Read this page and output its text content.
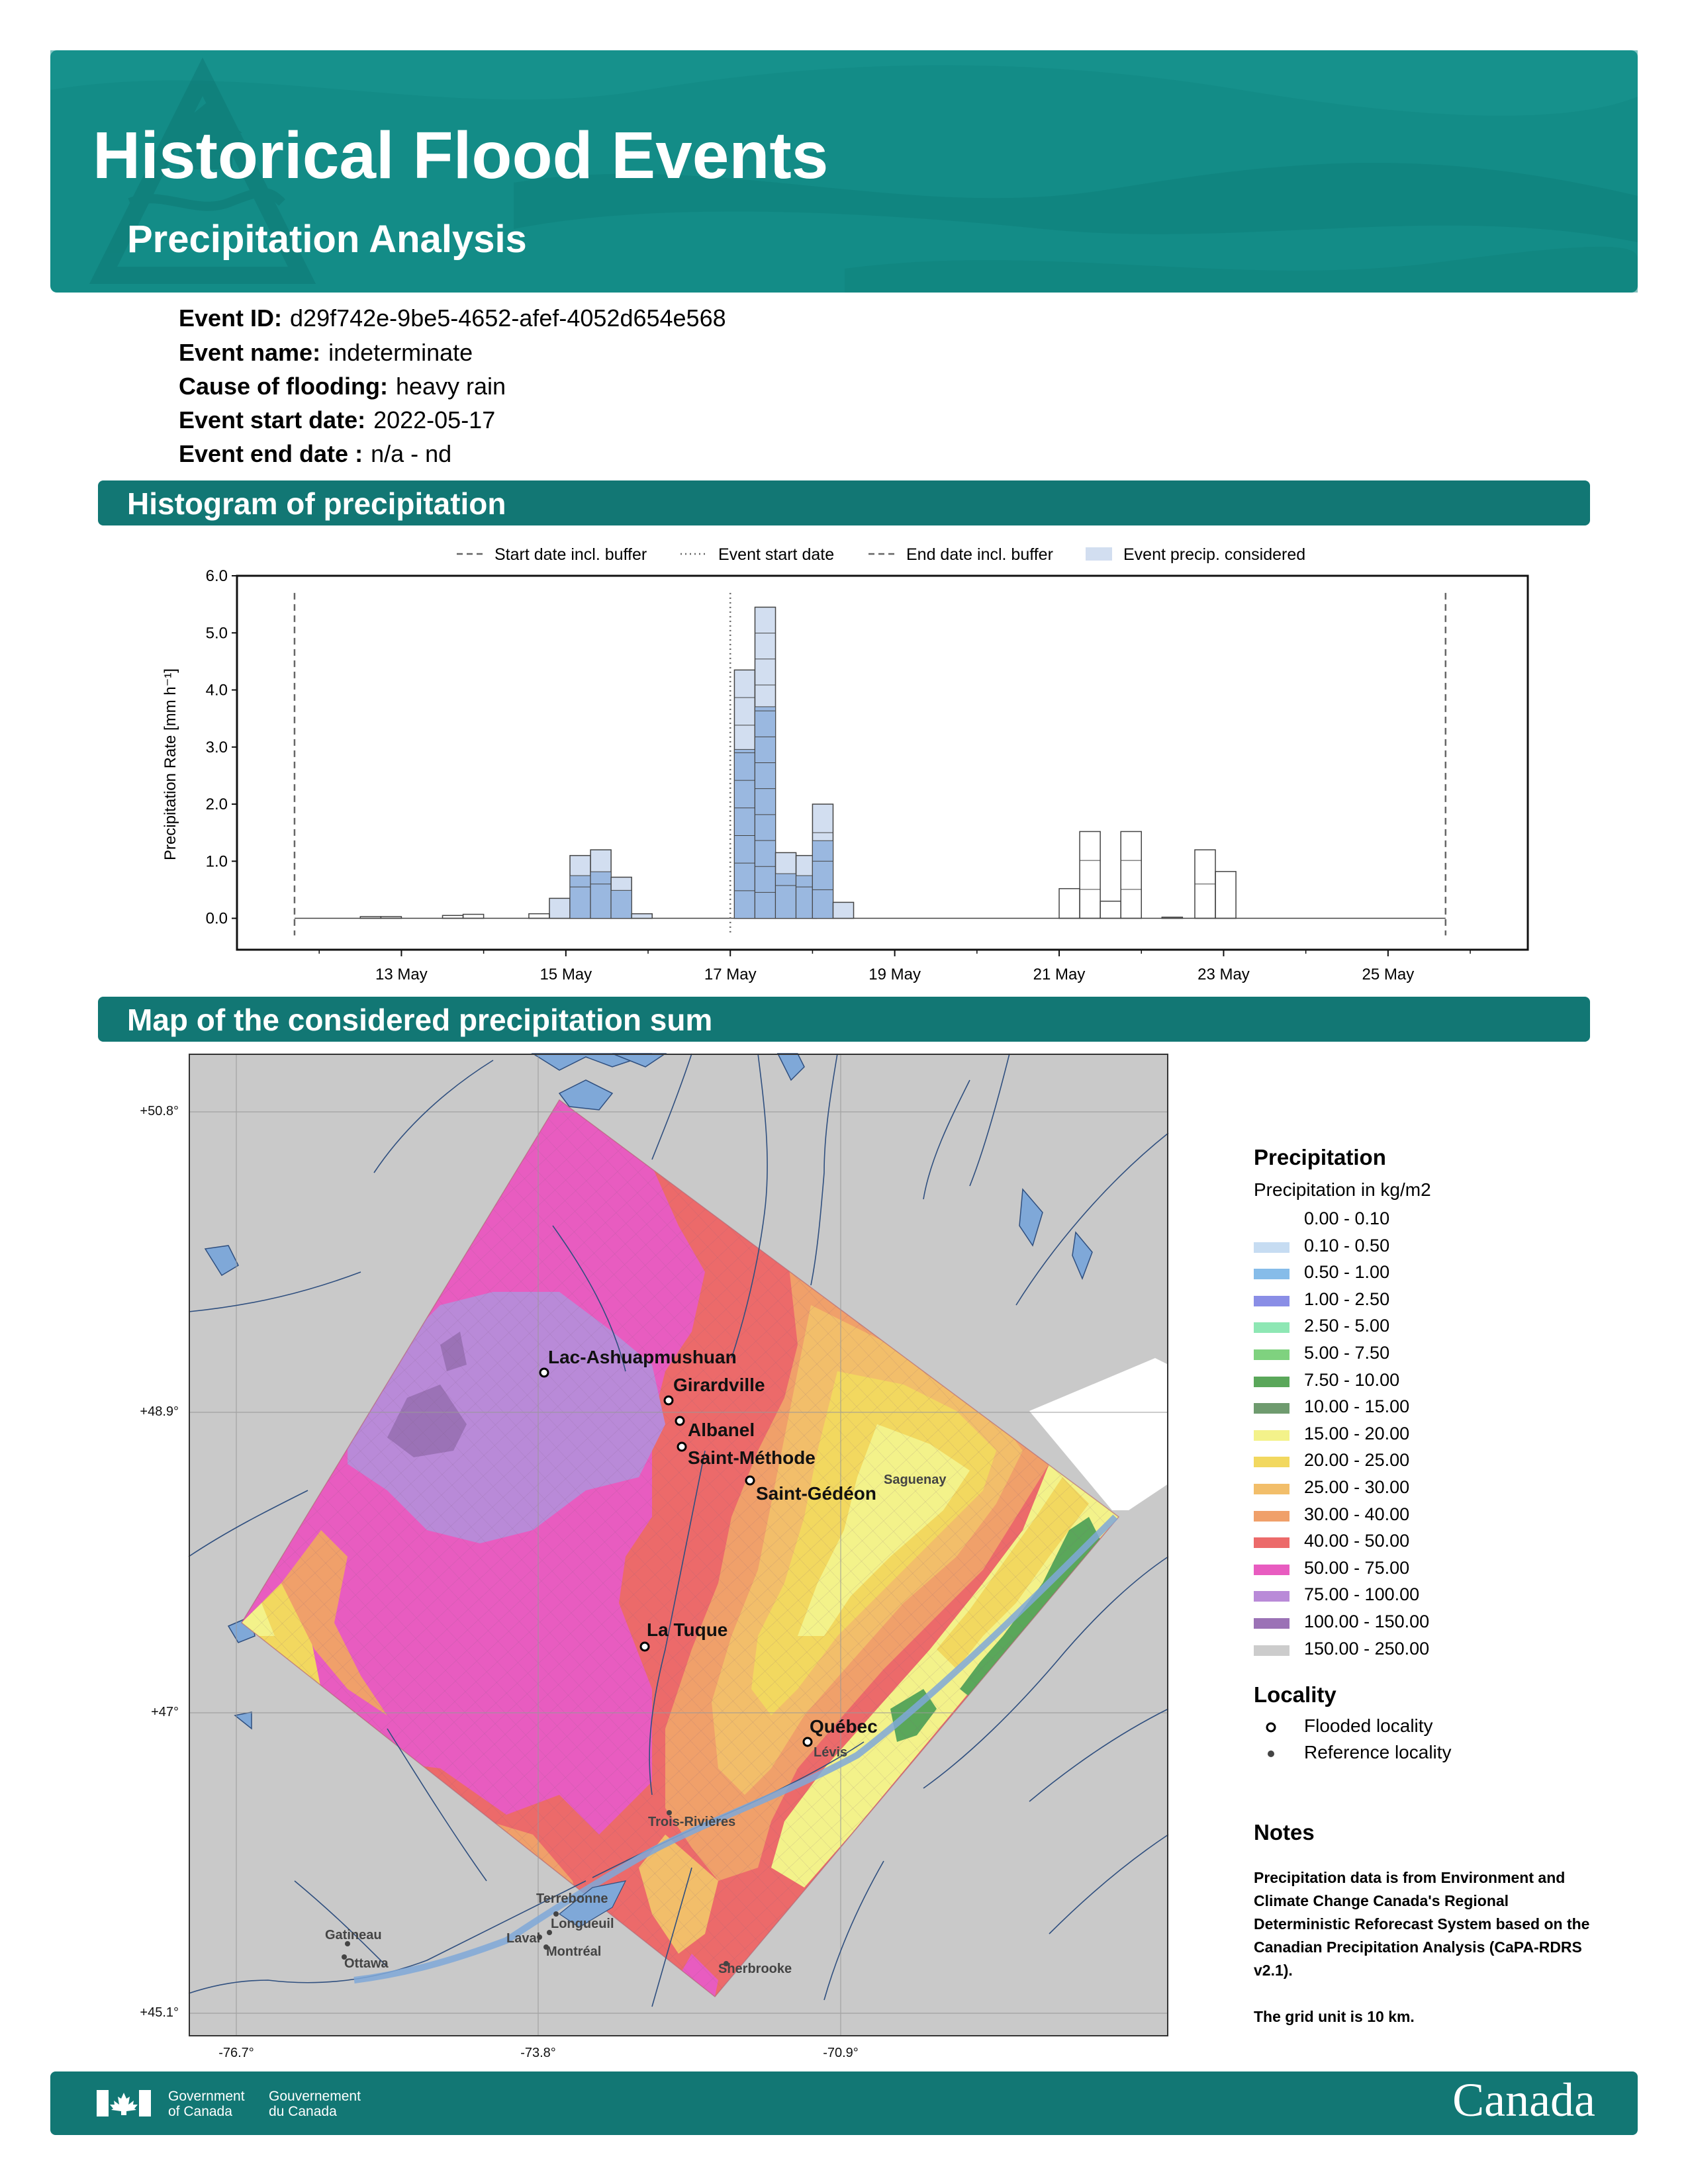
Historical Flood Events
Precipitation Analysis
Event ID: d29f742e-9be5-4652-afef-4052d654e568
Event name: indeterminate
Cause of flooding: heavy rain
Event start date: 2022-05-17
Event end date : n/a - nd
Histogram of precipitation
Start date incl. buffer	Event start date	End date incl. buffer	Event precip. considered
0.0
1.0
2.0
3.0
4.0
5.0
6.0
13 May	15 May	17 May	19 May	21 May	23 May	25 May
Precipitation Rate [mm h⁻¹]
Map of the considered precipitation sum
Lac-Ashuapmushuan
Girardville
Albanel
Saint-Méthode
Saint-Gédéon
La Tuque
Québec
Saguenay
Lévis
Trois-Rivières
Terrebonne
Longueuil
Laval
Montréal
Gatineau
Ottawa	Sherbrooke
+50.8°
+48.9°
+47°
+45.1°
-76.7°	-73.8°	-70.9°
Precipitation
Precipitation in kg/m2
0.00 - 0.10
0.10 - 0.50
0.50 - 1.00
1.00 - 2.50
2.50 - 5.00
5.00 - 7.50
7.50 - 10.00
10.00 - 15.00
15.00 - 20.00
20.00 - 25.00
25.00 - 30.00
30.00 - 40.00
40.00 - 50.00
50.00 - 75.00
75.00 - 100.00
100.00 - 150.00
150.00 - 250.00
Locality
Flooded locality
Reference locality
Notes
Precipitation data is from Environment and Climate Change Canada's Regional Deterministic Reforecast System based on the Canadian Precipitation Analysis (CaPA-RDRS v2.1).
The grid unit is 10 km.
Government
of Canada
Gouvernement
du Canada	Canada
